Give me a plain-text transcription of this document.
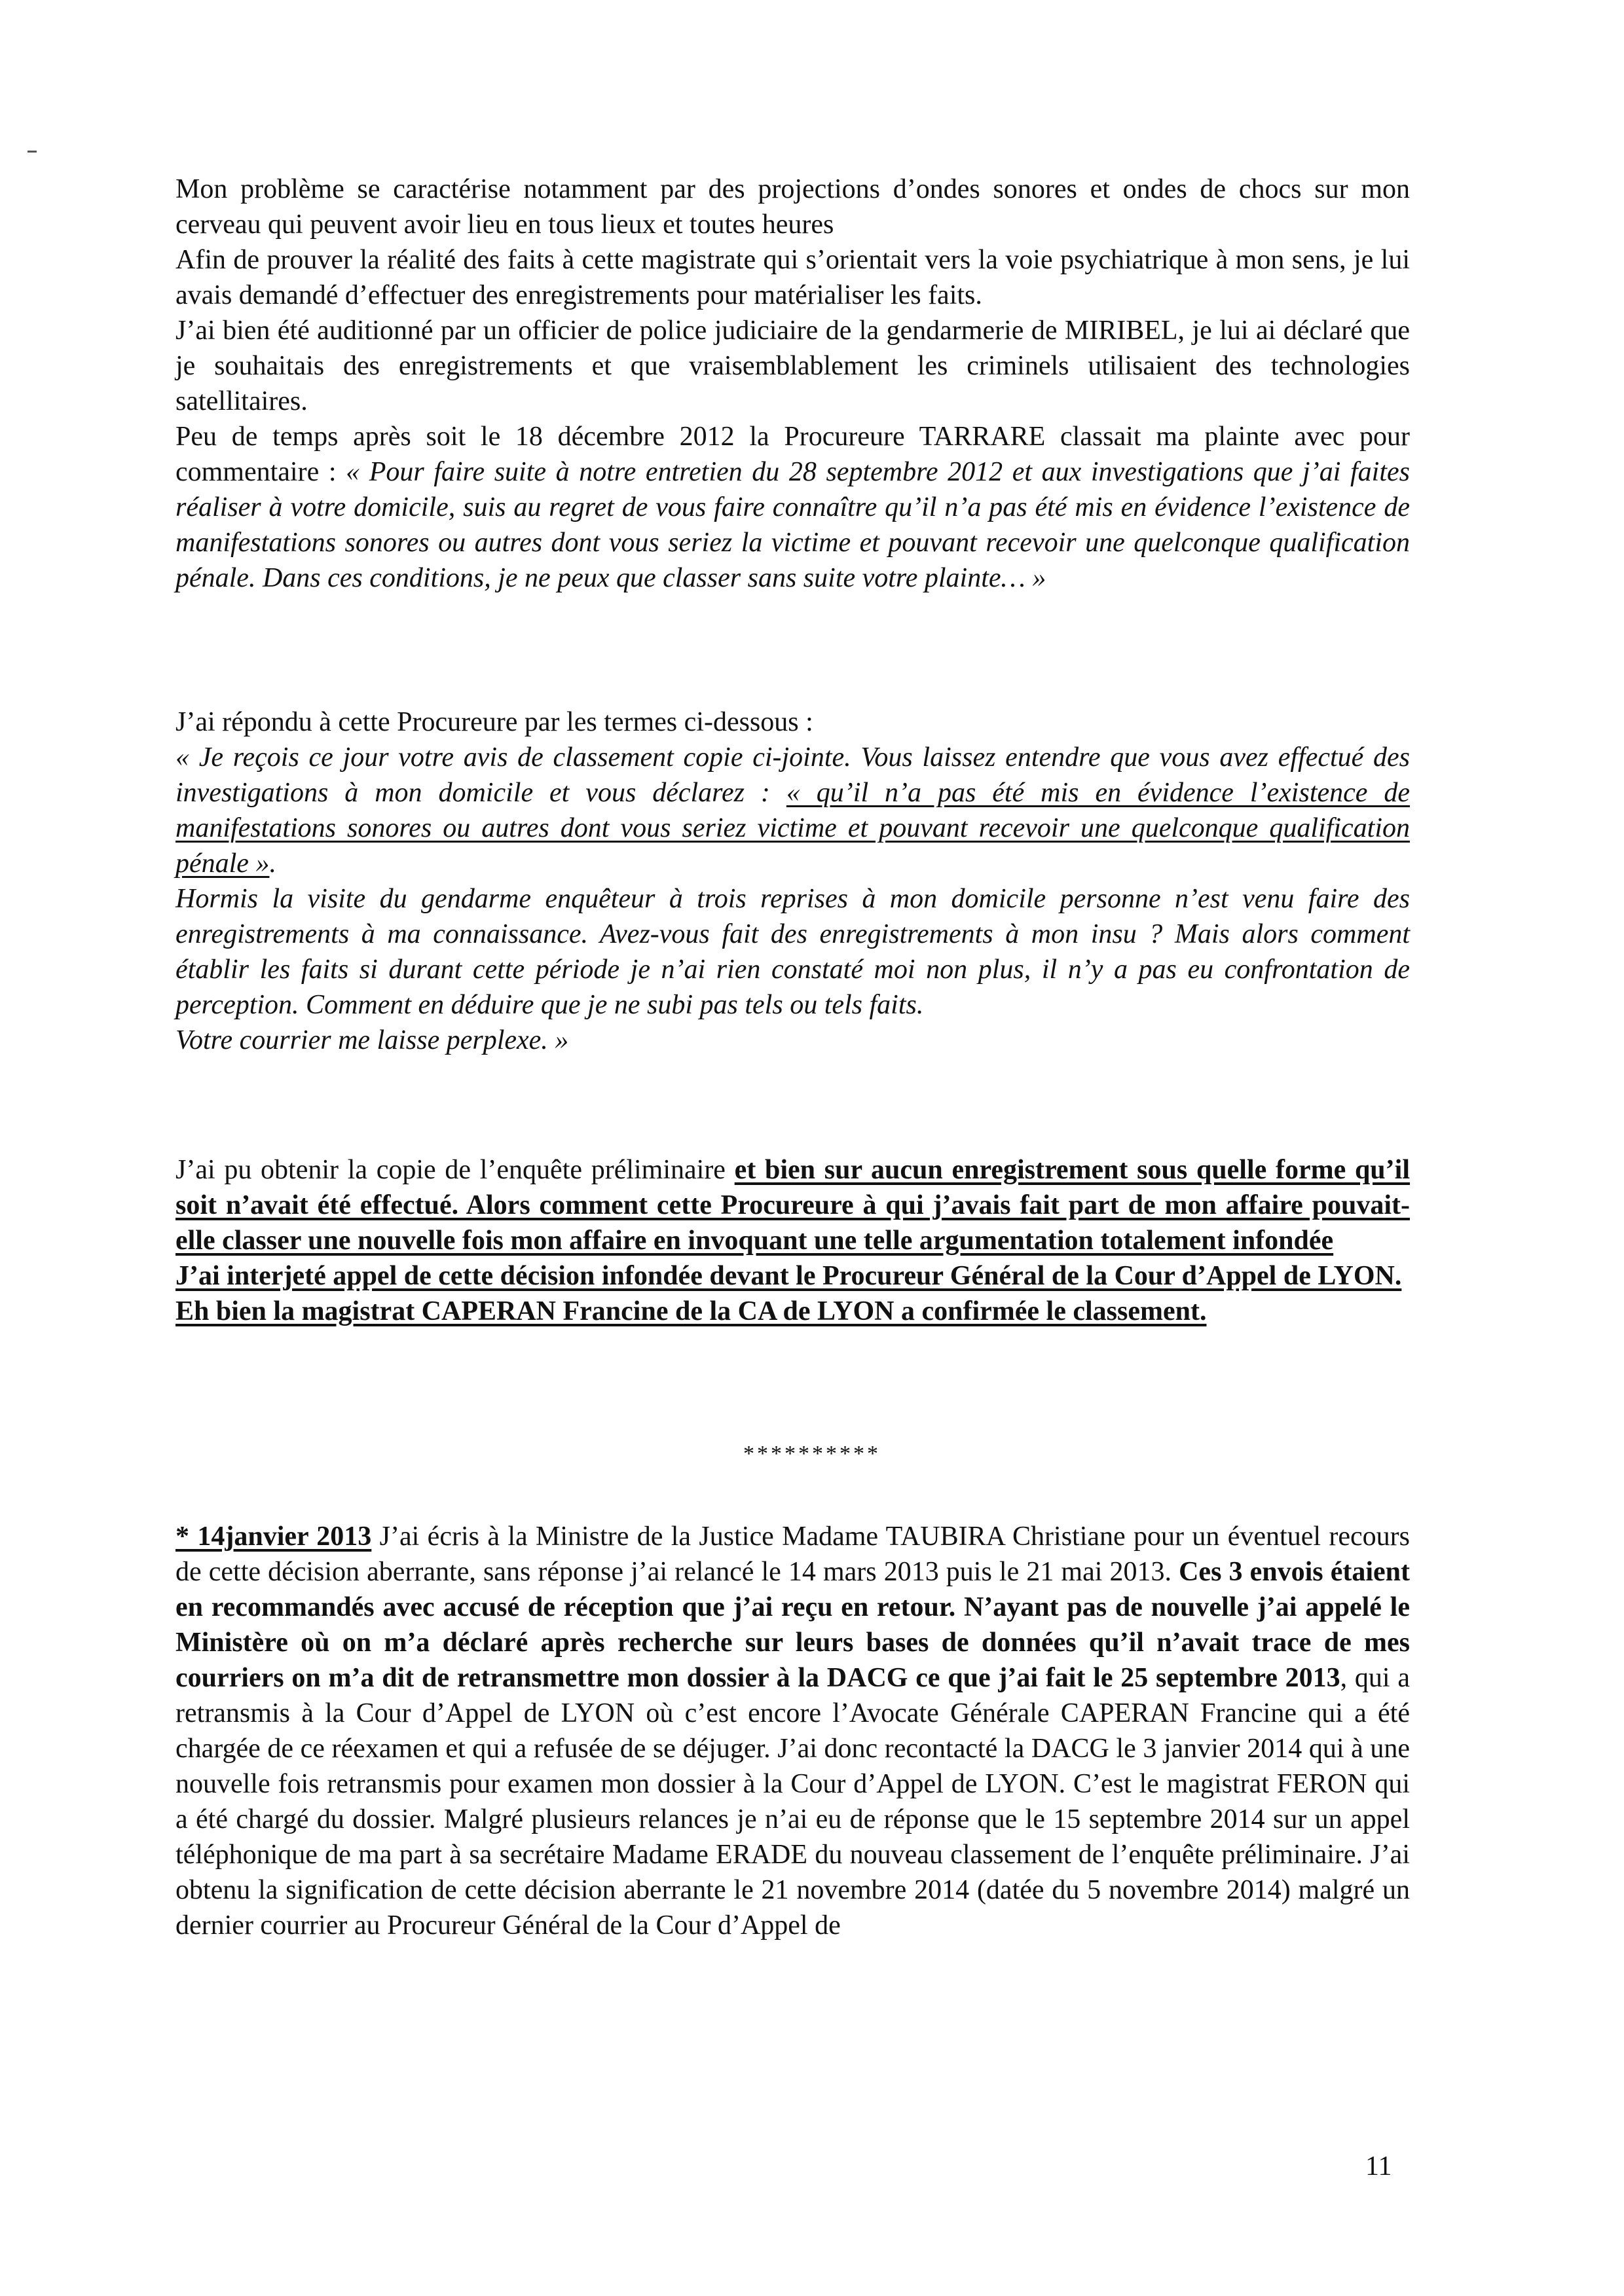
Mon problème se caractérise notamment par des projections d’ondes sonores et ondes de chocs sur mon cerveau qui peuvent avoir lieu en tous lieux et toutes heures

Afin de prouver la réalité des faits à cette magistrate qui s’orientait vers la voie psychiatrique à mon sens, je lui avais demandé d’effectuer des enregistrements pour matérialiser les faits.

J’ai bien été auditionné par un officier de police judiciaire de la gendarmerie de MIRIBEL, je lui ai déclaré que je souhaitais des enregistrements et que vraisemblablement les criminels utilisaient des technologies satellitaires.

Peu de temps après soit le 18 décembre 2012 la Procureure TARRARE classait ma plainte avec pour commentaire : « Pour faire suite à notre entretien du 28 septembre 2012 et aux investigations que j’ai faites réaliser à votre domicile, suis au regret de vous faire connaître qu’il n’a pas été mis en évidence l’existence de manifestations sonores ou autres dont vous seriez la victime et pouvant recevoir une quelconque qualification pénale. Dans ces conditions, je ne peux que classer sans suite votre plainte… »

J’ai répondu à cette Procureure par les termes ci-dessous :

« Je reçois ce jour votre avis de classement copie ci-jointe. Vous laissez entendre que vous avez effectué des investigations à mon domicile et vous déclarez : « qu’il n’a pas été mis en évidence l’existence de manifestations sonores ou autres dont vous seriez victime et pouvant recevoir une quelconque qualification pénale ».

Hormis la visite du gendarme enquêteur à trois reprises à mon domicile personne n’est venu faire des enregistrements à ma connaissance. Avez-vous fait des enregistrements à mon insu ? Mais alors comment établir les faits si durant cette période je n’ai rien constaté moi non plus, il n’y a pas eu confrontation de perception. Comment en déduire que je ne subi pas tels ou tels faits.

Votre courrier me laisse perplexe. »

J’ai pu obtenir la copie de l’enquête préliminaire et bien sur aucun enregistrement sous quelle forme qu’il soit n’avait été effectué. Alors comment cette Procureure à qui j’avais fait part de mon affaire pouvait-elle classer une nouvelle fois mon affaire en invoquant une telle argumentation totalement infondée

J’ai interjeté appel de cette décision infondée devant le Procureur Général de la Cour d’Appel de LYON.

Eh bien la magistrat CAPERAN Francine de la CA de LYON a confirmée le classement.

**********

* 14janvier 2013 J’ai écris à la Ministre de la Justice Madame TAUBIRA Christiane pour un éventuel recours de cette décision aberrante, sans réponse j’ai relancé le 14 mars 2013 puis le 21 mai 2013. Ces 3 envois étaient en recommandés avec accusé de réception que j’ai reçu en retour. N’ayant pas de nouvelle j’ai appelé le Ministère où on m’a déclaré après recherche sur leurs bases de données qu’il n’avait trace de mes courriers on m’a dit de retransmettre mon dossier à la DACG ce que j’ai fait le 25 septembre 2013, qui a retransmis à la Cour d’Appel de LYON où c’est encore l’Avocate Générale CAPERAN Francine qui a été chargée de ce réexamen et qui a refusée de se déjuger. J’ai donc recontacté la DACG le 3 janvier 2014 qui à une nouvelle fois retransmis pour examen mon dossier à la Cour d’Appel de LYON. C’est le magistrat FERON qui a été chargé du dossier. Malgré plusieurs relances je n’ai eu de réponse que le 15 septembre 2014 sur un appel téléphonique de ma part à sa secrétaire Madame ERADE du nouveau classement de l’enquête préliminaire. J’ai obtenu la signification de cette décision aberrante le 21 novembre 2014 (datée du 5 novembre 2014) malgré un dernier courrier au Procureur Général de la Cour d’Appel de

11
